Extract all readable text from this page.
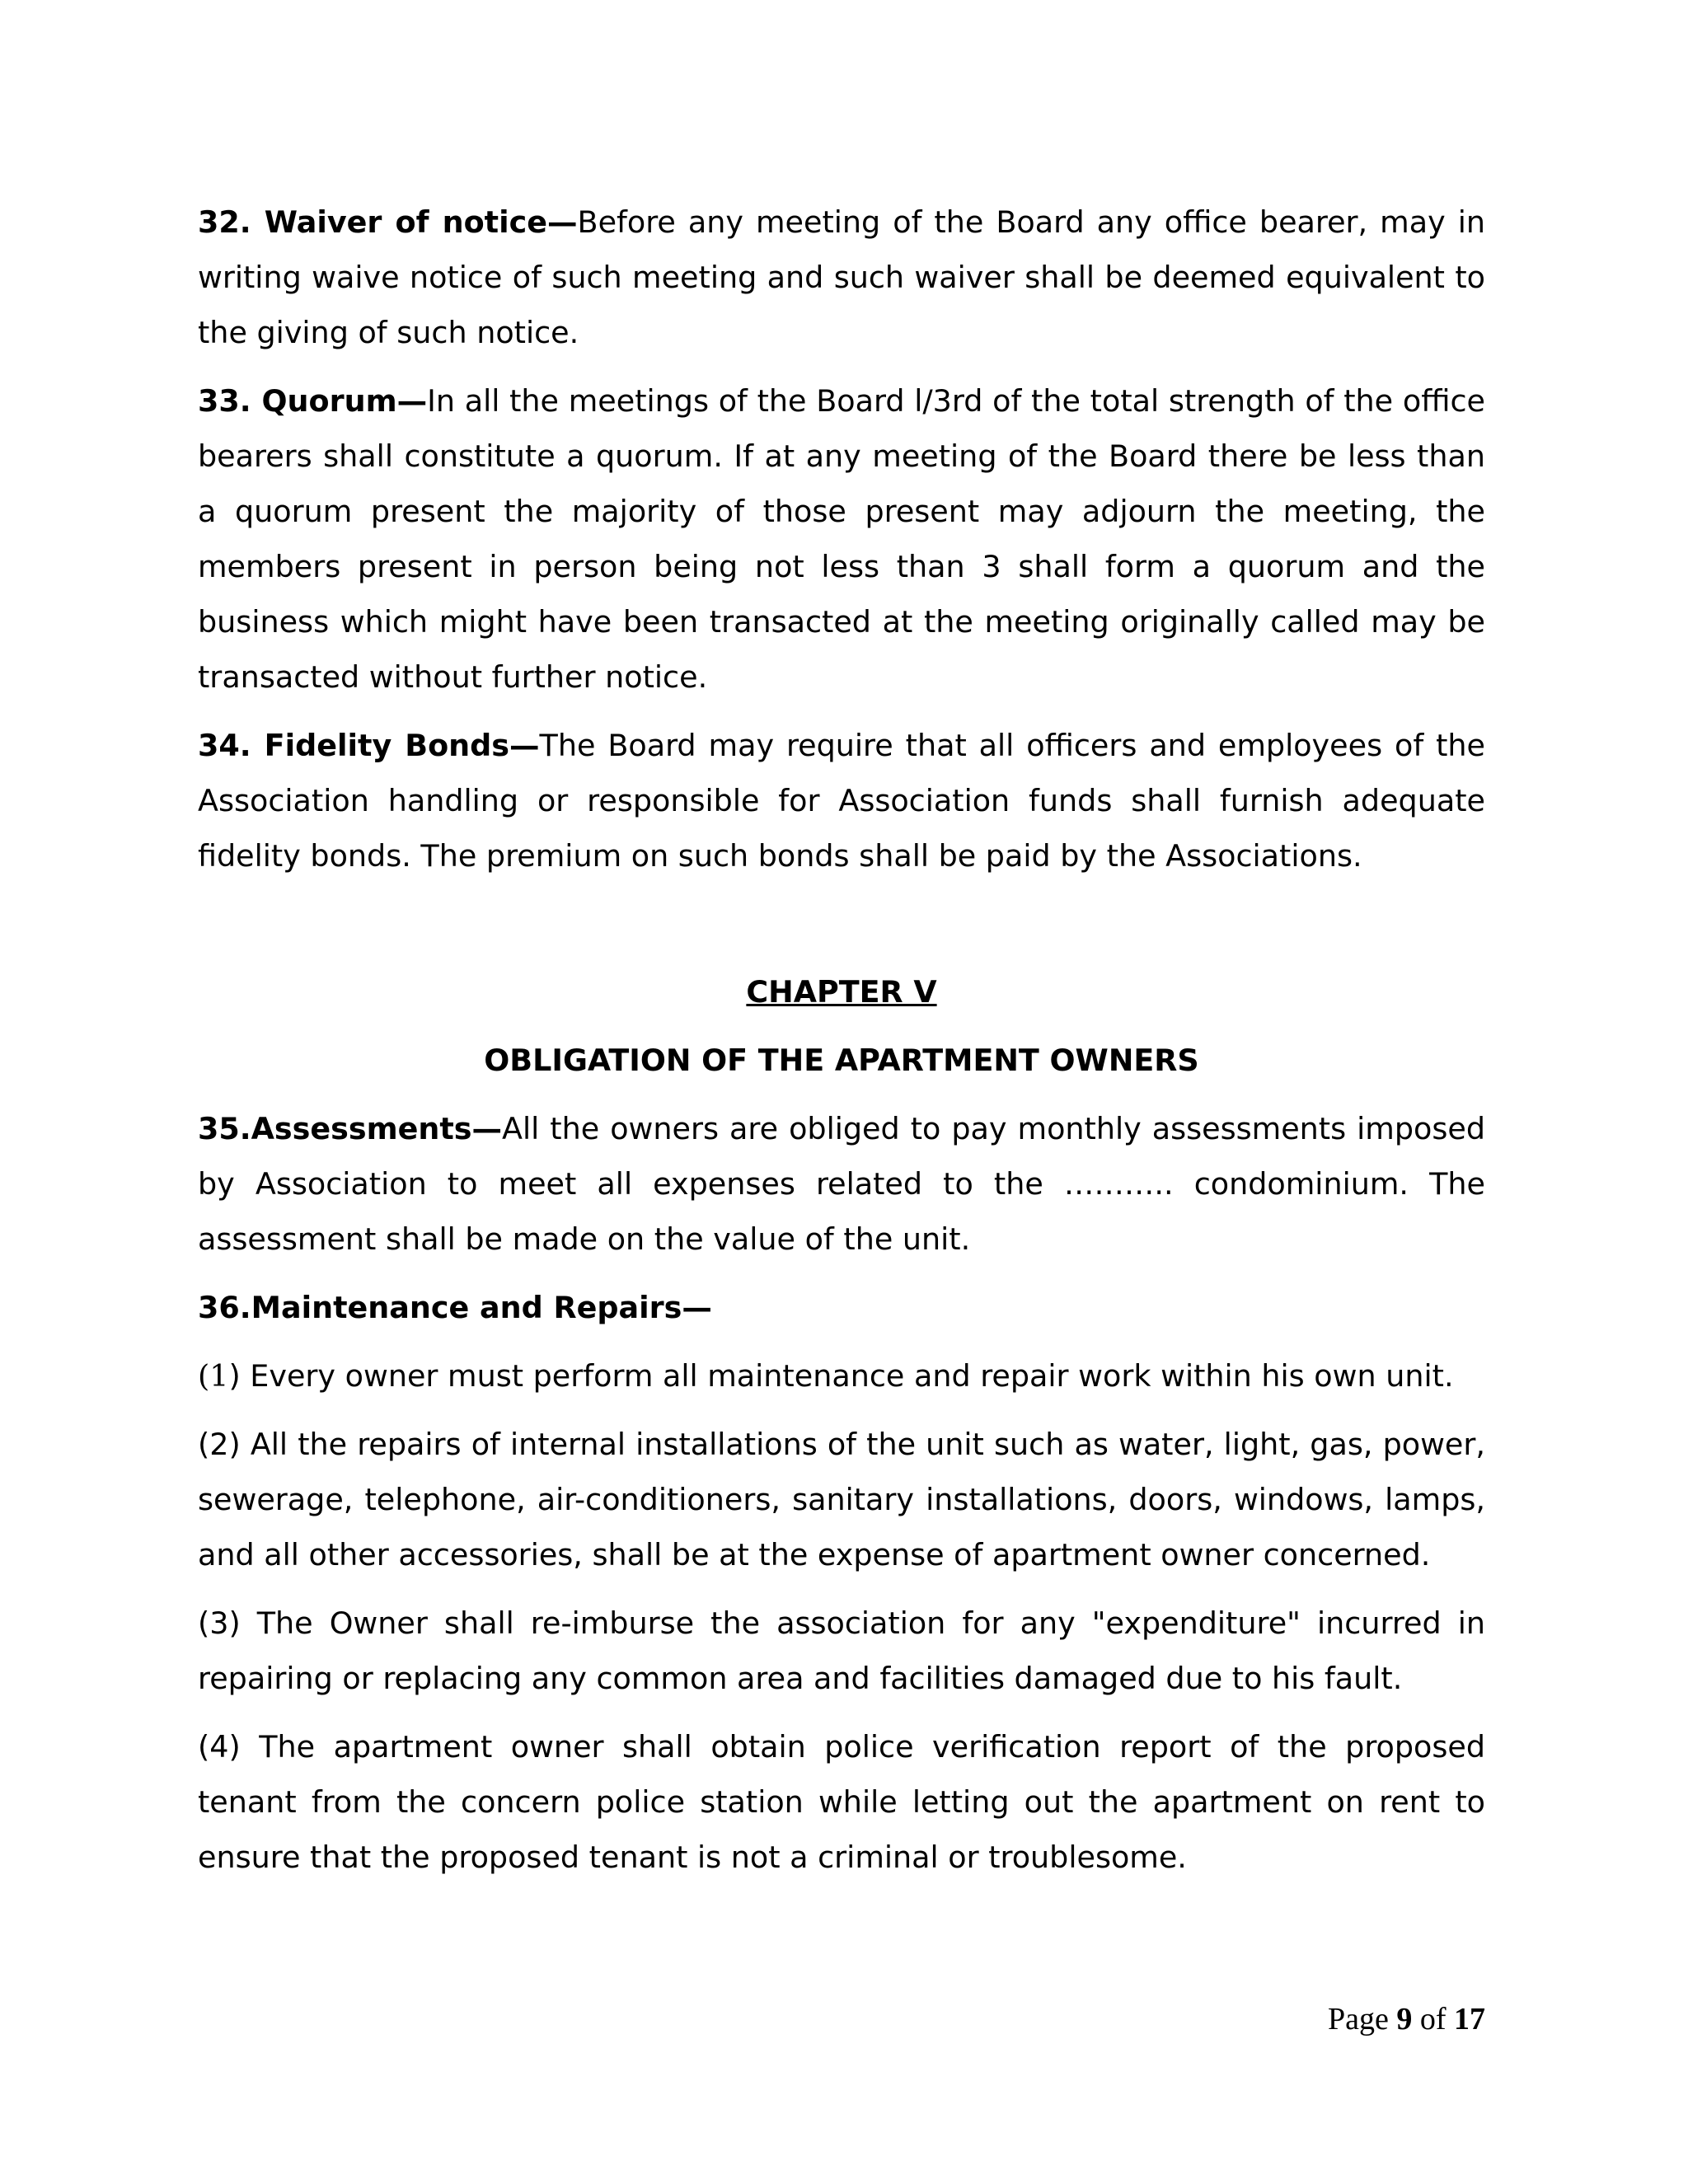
32. Waiver of notice—Before any meeting of the Board any office bearer, may in writing waive notice of such meeting and such waiver shall be deemed equivalent to the giving of such notice.

33. Quorum—In all the meetings of the Board l/3rd of the total strength of the office bearers shall constitute a quorum. If at any meeting of the Board there be less than a quorum present the majority of those present may adjourn the meeting, the members present in person being not less than 3 shall form a quorum and the business which might have been transacted at the meeting originally called may be transacted without further notice.

34. Fidelity Bonds—The Board may require that all officers and employees of the Association handling or responsible for Association funds shall furnish adequate fidelity bonds. The premium on such bonds shall be paid by the Associations.

CHAPTER V
OBLIGATION OF THE APARTMENT OWNERS

35.Assessments—All the owners are obliged to pay monthly assessments imposed by Association to meet all expenses related to the ……….. condominium. The assessment shall be made on the value of the unit.

36.Maintenance and Repairs—

(1) Every owner must perform all maintenance and repair work within his own unit.

(2) All the repairs of internal installations of the unit such as water, light, gas, power, sewerage, telephone, air-conditioners, sanitary installations, doors, windows, lamps, and all other accessories, shall be at the expense of apartment owner concerned.

(3) The Owner shall re-imburse the association for any "expenditure" incurred in repairing or replacing any common area and facilities damaged due to his fault.

(4) The apartment owner shall obtain police verification report of the proposed tenant from the concern police station while letting out the apartment on rent to ensure that the proposed tenant is not a criminal or troublesome.

Page 9 of 17
